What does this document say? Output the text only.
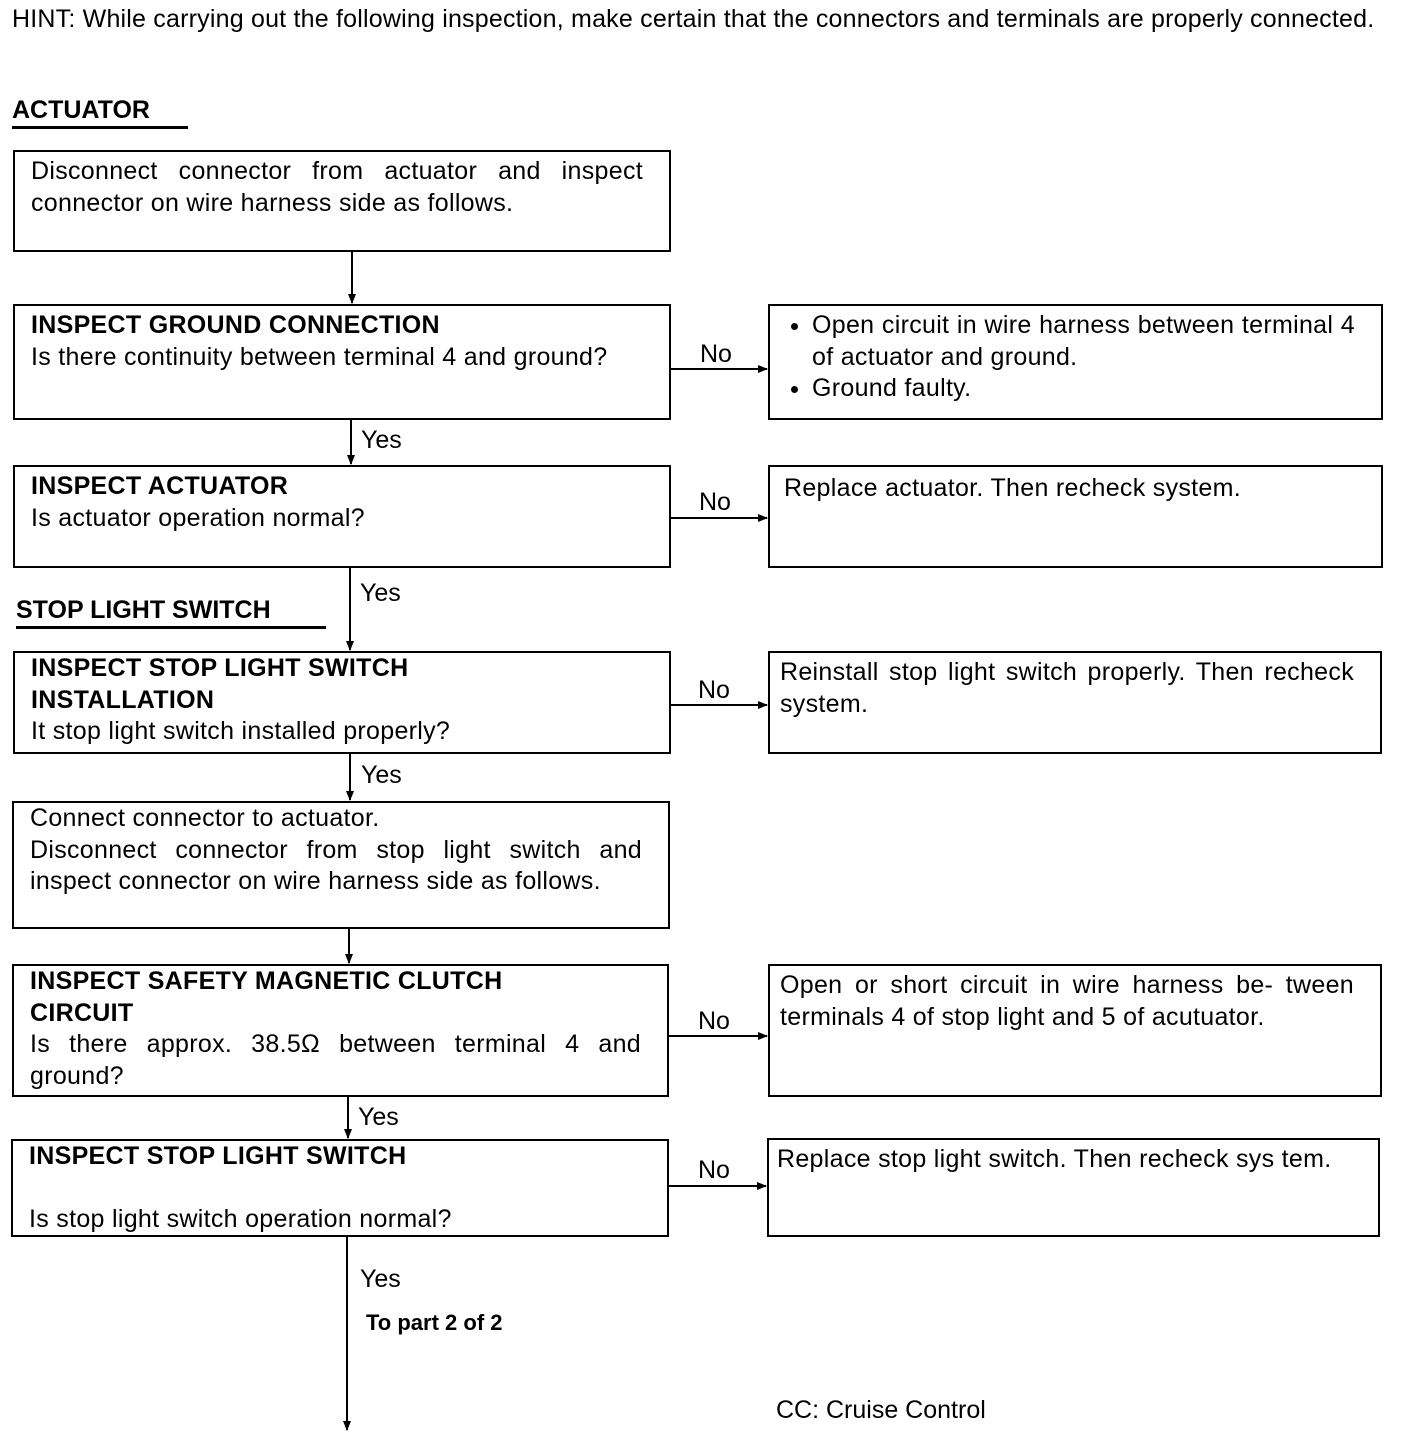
HINT: While carrying out the following inspection, make certain that the connectors and terminals are properly connected.
ACTUATOR
STOP LIGHT SWITCH
Disconnect connector from actuator and inspect connector on wire harness side as follows.
INSPECT GROUND CONNECTION
Is there continuity between terminal 4 and ground?
INSPECT ACTUATOR
Is actuator operation normal?
INSPECT STOP LIGHT SWITCH
INSTALLATION
It stop light switch installed properly?
Connect connector to actuator.
Disconnect connector from stop light switch and inspect connector on wire harness side as follows.
INSPECT SAFETY MAGNETIC CLUTCH
CIRCUIT
Is there approx. 38.5Ω between terminal 4 and ground?
INSPECT STOP LIGHT SWITCH
Is stop light switch operation normal?
• Open circuit in wire harness between terminal 4 of actuator and ground.
• Ground faulty.
Replace actuator. Then recheck system.
Reinstall stop light switch properly. Then recheck system.
Open or short circuit in wire harness be- tween terminals 4 of stop light and 5 of acutuator.
Replace stop light switch. Then recheck sys tem.
Yes
Yes
Yes
Yes
Yes
No
No
No
No
No
To part 2 of 2
CC: Cruise Control
